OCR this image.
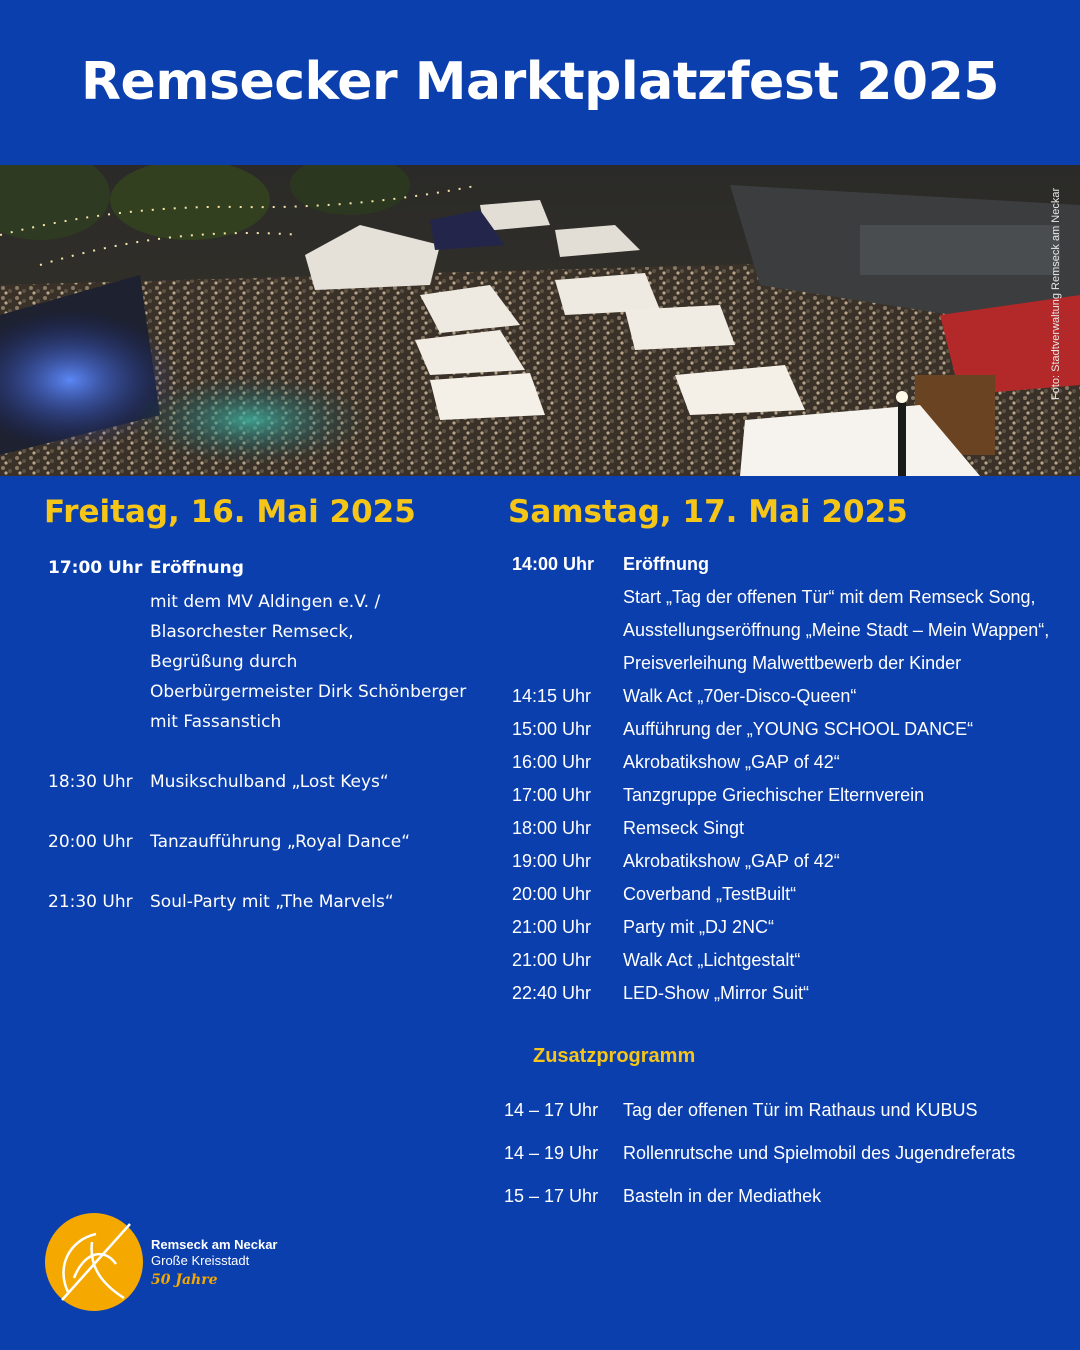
Remsecker Marktplatzfest 2025
Foto: Stadtverwaltung Remseck am Neckar
Freitag, 16. Mai 2025
17:00 Uhr Eröffnung
mit dem MV Aldingen e.V. /
Blasorchester Remseck,
Begrüßung durch
Oberbürgermeister Dirk Schönberger
mit Fassanstich
18:30 Uhr	Musikschulband „Lost Keys“
20:00 Uhr	Tanzaufführung „Royal Dance“
21:30 Uhr	Soul-Party mit „The Marvels“
Samstag, 17. Mai 2025
14:00 Uhr	Eröffnung
Start „Tag der offenen Tür“ mit dem Remseck Song,
Ausstellungseröffnung „Meine Stadt – Mein Wappen“,
Preisverleihung Malwettbewerb der Kinder
14:15 Uhr	Walk Act „70er-Disco-Queen“
15:00 Uhr	Aufführung der „YOUNG SCHOOL DANCE“
16:00 Uhr	Akrobatikshow „GAP of 42“
17:00 Uhr	Tanzgruppe Griechischer Elternverein
18:00 Uhr	Remseck Singt
19:00 Uhr	Akrobatikshow „GAP of 42“
20:00 Uhr	Coverband „TestBuilt“
21:00 Uhr	Party mit „DJ 2NC“
21:00 Uhr	Walk Act „Lichtgestalt“
22:40 Uhr	LED-Show „Mirror Suit“
Zusatzprogramm
14 – 17 Uhr	Tag der offenen Tür im Rathaus und KUBUS
14 – 19 Uhr	Rollenrutsche und Spielmobil des Jugendreferats
15 – 17 Uhr	Basteln in der Mediathek
Remseck am Neckar
Große Kreisstadt
50 Jahre
